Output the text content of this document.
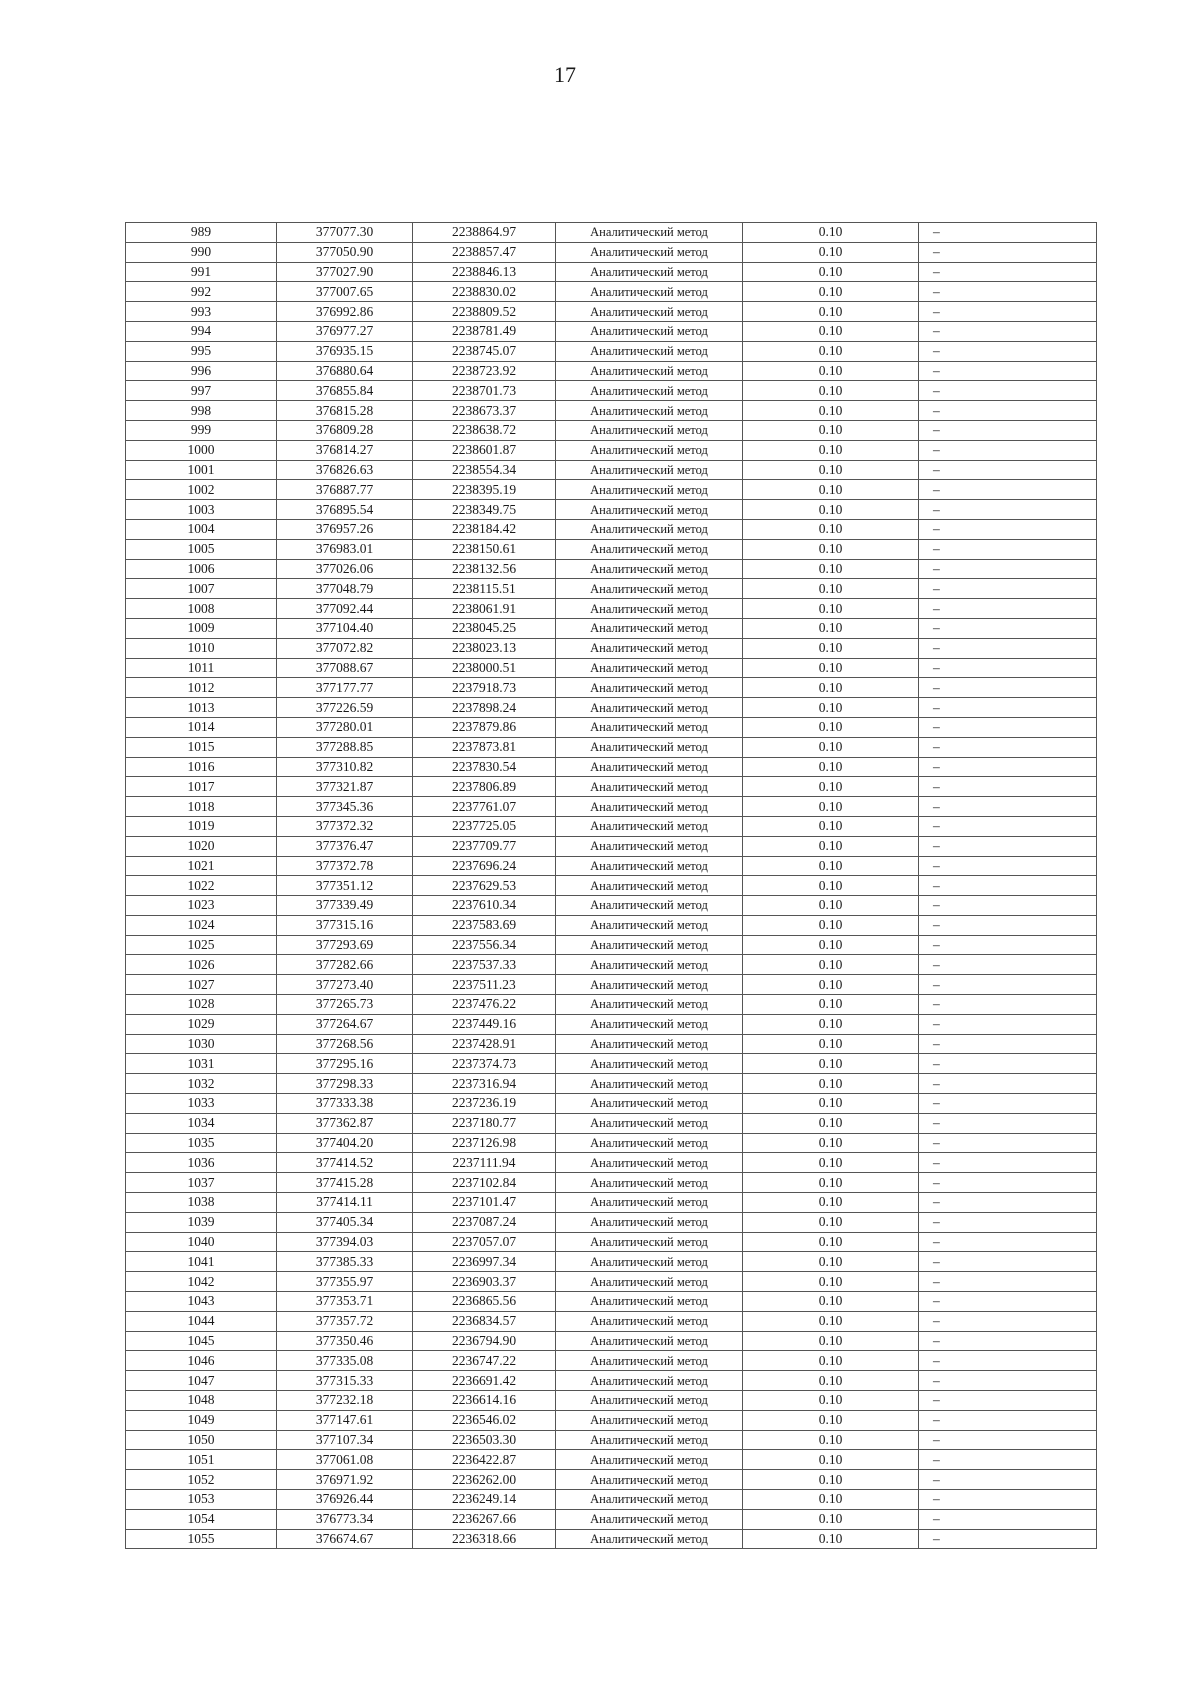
17
989	377077.30	2238864.97	Аналитический метод	0.10	–
990	377050.90	2238857.47	Аналитический метод	0.10	–
991	377027.90	2238846.13	Аналитический метод	0.10	–
992	377007.65	2238830.02	Аналитический метод	0.10	–
993	376992.86	2238809.52	Аналитический метод	0.10	–
994	376977.27	2238781.49	Аналитический метод	0.10	–
995	376935.15	2238745.07	Аналитический метод	0.10	–
996	376880.64	2238723.92	Аналитический метод	0.10	–
997	376855.84	2238701.73	Аналитический метод	0.10	–
998	376815.28	2238673.37	Аналитический метод	0.10	–
999	376809.28	2238638.72	Аналитический метод	0.10	–
1000	376814.27	2238601.87	Аналитический метод	0.10	–
1001	376826.63	2238554.34	Аналитический метод	0.10	–
1002	376887.77	2238395.19	Аналитический метод	0.10	–
1003	376895.54	2238349.75	Аналитический метод	0.10	–
1004	376957.26	2238184.42	Аналитический метод	0.10	–
1005	376983.01	2238150.61	Аналитический метод	0.10	–
1006	377026.06	2238132.56	Аналитический метод	0.10	–
1007	377048.79	2238115.51	Аналитический метод	0.10	–
1008	377092.44	2238061.91	Аналитический метод	0.10	–
1009	377104.40	2238045.25	Аналитический метод	0.10	–
1010	377072.82	2238023.13	Аналитический метод	0.10	–
1011	377088.67	2238000.51	Аналитический метод	0.10	–
1012	377177.77	2237918.73	Аналитический метод	0.10	–
1013	377226.59	2237898.24	Аналитический метод	0.10	–
1014	377280.01	2237879.86	Аналитический метод	0.10	–
1015	377288.85	2237873.81	Аналитический метод	0.10	–
1016	377310.82	2237830.54	Аналитический метод	0.10	–
1017	377321.87	2237806.89	Аналитический метод	0.10	–
1018	377345.36	2237761.07	Аналитический метод	0.10	–
1019	377372.32	2237725.05	Аналитический метод	0.10	–
1020	377376.47	2237709.77	Аналитический метод	0.10	–
1021	377372.78	2237696.24	Аналитический метод	0.10	–
1022	377351.12	2237629.53	Аналитический метод	0.10	–
1023	377339.49	2237610.34	Аналитический метод	0.10	–
1024	377315.16	2237583.69	Аналитический метод	0.10	–
1025	377293.69	2237556.34	Аналитический метод	0.10	–
1026	377282.66	2237537.33	Аналитический метод	0.10	–
1027	377273.40	2237511.23	Аналитический метод	0.10	–
1028	377265.73	2237476.22	Аналитический метод	0.10	–
1029	377264.67	2237449.16	Аналитический метод	0.10	–
1030	377268.56	2237428.91	Аналитический метод	0.10	–
1031	377295.16	2237374.73	Аналитический метод	0.10	–
1032	377298.33	2237316.94	Аналитический метод	0.10	–
1033	377333.38	2237236.19	Аналитический метод	0.10	–
1034	377362.87	2237180.77	Аналитический метод	0.10	–
1035	377404.20	2237126.98	Аналитический метод	0.10	–
1036	377414.52	2237111.94	Аналитический метод	0.10	–
1037	377415.28	2237102.84	Аналитический метод	0.10	–
1038	377414.11	2237101.47	Аналитический метод	0.10	–
1039	377405.34	2237087.24	Аналитический метод	0.10	–
1040	377394.03	2237057.07	Аналитический метод	0.10	–
1041	377385.33	2236997.34	Аналитический метод	0.10	–
1042	377355.97	2236903.37	Аналитический метод	0.10	–
1043	377353.71	2236865.56	Аналитический метод	0.10	–
1044	377357.72	2236834.57	Аналитический метод	0.10	–
1045	377350.46	2236794.90	Аналитический метод	0.10	–
1046	377335.08	2236747.22	Аналитический метод	0.10	–
1047	377315.33	2236691.42	Аналитический метод	0.10	–
1048	377232.18	2236614.16	Аналитический метод	0.10	–
1049	377147.61	2236546.02	Аналитический метод	0.10	–
1050	377107.34	2236503.30	Аналитический метод	0.10	–
1051	377061.08	2236422.87	Аналитический метод	0.10	–
1052	376971.92	2236262.00	Аналитический метод	0.10	–
1053	376926.44	2236249.14	Аналитический метод	0.10	–
1054	376773.34	2236267.66	Аналитический метод	0.10	–
1055	376674.67	2236318.66	Аналитический метод	0.10	–
